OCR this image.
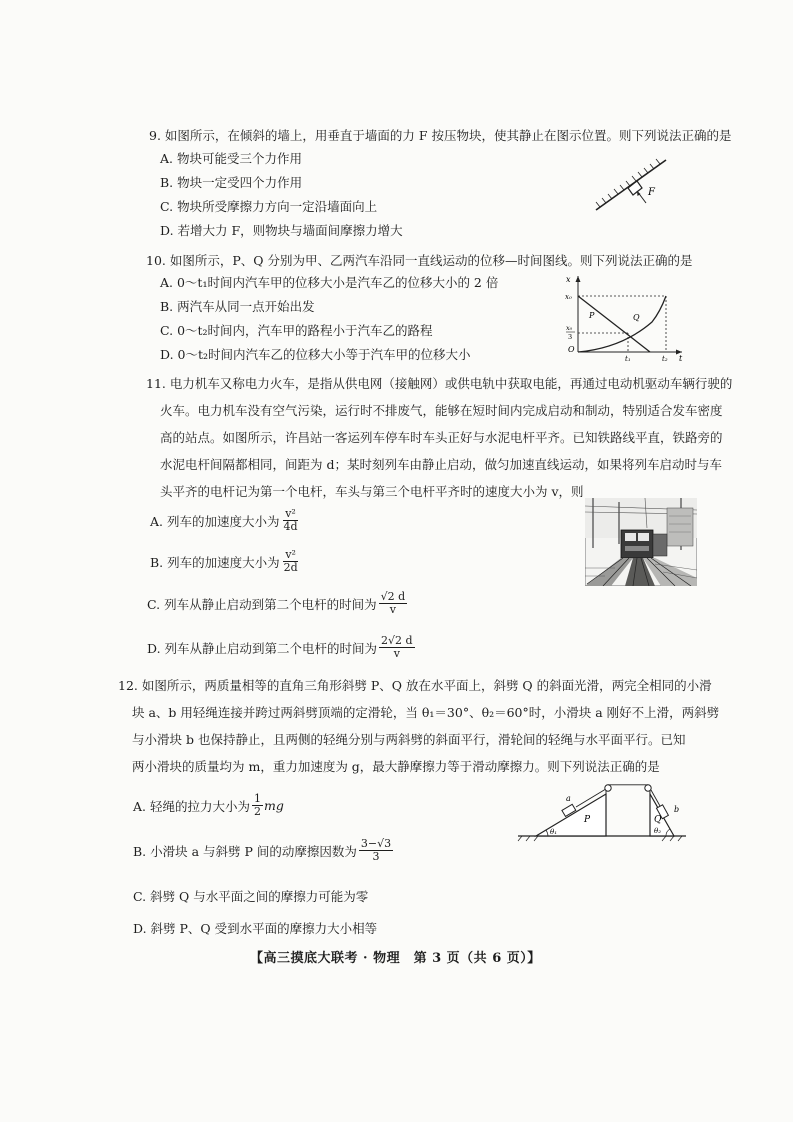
9. 如图所示，在倾斜的墙上，用垂直于墙面的力 F 按压物块，使其静止在图示位置。则下列说法正确的是
A. 物块可能受三个力作用
B. 物块一定受四个力作用
C. 物块所受摩擦力方向一定沿墙面向上
D. 若增大力 F，则物块与墙面间摩擦力增大
F
10. 如图所示，P、Q 分别为甲、乙两汽车沿同一直线运动的位移—时间图线。则下列说法正确的是
A. 0～t₁时间内汽车甲的位移大小是汽车乙的位移大小的 2 倍
B. 两汽车从同一点开始出发
C. 0～t₂时间内，汽车甲的路程小于汽车乙的路程
D. 0～t₂时间内汽车乙的位移大小等于汽车甲的位移大小
x
t
x₀
x₀
3
O
t₁	t₂
P	Q
11. 电力机车又称电力火车，是指从供电网（接触网）或供电轨中获取电能，再通过电动机驱动车辆行驶的
火车。电力机车没有空气污染，运行时不排废气，能够在短时间内完成启动和制动，特别适合发车密度
高的站点。如图所示，许昌站一客运列车停车时车头正好与水泥电杆平齐。已知铁路线平直，铁路旁的
水泥电杆间隔都相同，间距为 d；某时刻列车由静止启动，做匀加速直线运动，如果将列车启动时与车
头平齐的电杆记为第一个电杆，车头与第三个电杆平齐时的速度大小为 v，则
A. 列车的加速度大小为 $\frac{\text{v²}}{4d}$
B. 列车的加速度大小为 $\frac{\text{v²}}{2d}$
C. 列车从静止启动到第二个电杆的时间为 $\frac{√2 d}{v}$
D. 列车从静止启动到第二个电杆的时间为 $\frac{2√2 d}{v}$
12. 如图所示，两质量相等的直角三角形斜劈 P、Q 放在水平面上，斜劈 Q 的斜面光滑，两完全相同的小滑
块 a、b 用轻绳连接并跨过两斜劈顶端的定滑轮，当 θ₁＝30°、θ₂＝60°时，小滑块 a 刚好不上滑，两斜劈
与小滑块 b 也保持静止，且两侧的轻绳分别与两斜劈的斜面平行，滑轮间的轻绳与水平面平行。已知
两小滑块的质量均为 m，重力加速度为 g，最大静摩擦力等于滑动摩擦力。则下列说法正确的是
A. 轻绳的拉力大小为 $\frac{1}{2}$ mg
B. 小滑块 a 与斜劈 P 间的动摩擦因数为 $\frac{3-√3}{3}$
C. 斜劈 Q 与水平面之间的摩擦力可能为零
D. 斜劈 P、Q 受到水平面的摩擦力大小相等
a
b
P	Q
θ₁	θ₂
【高三摸底大联考 · 物理　第 3 页（共 6 页）】
